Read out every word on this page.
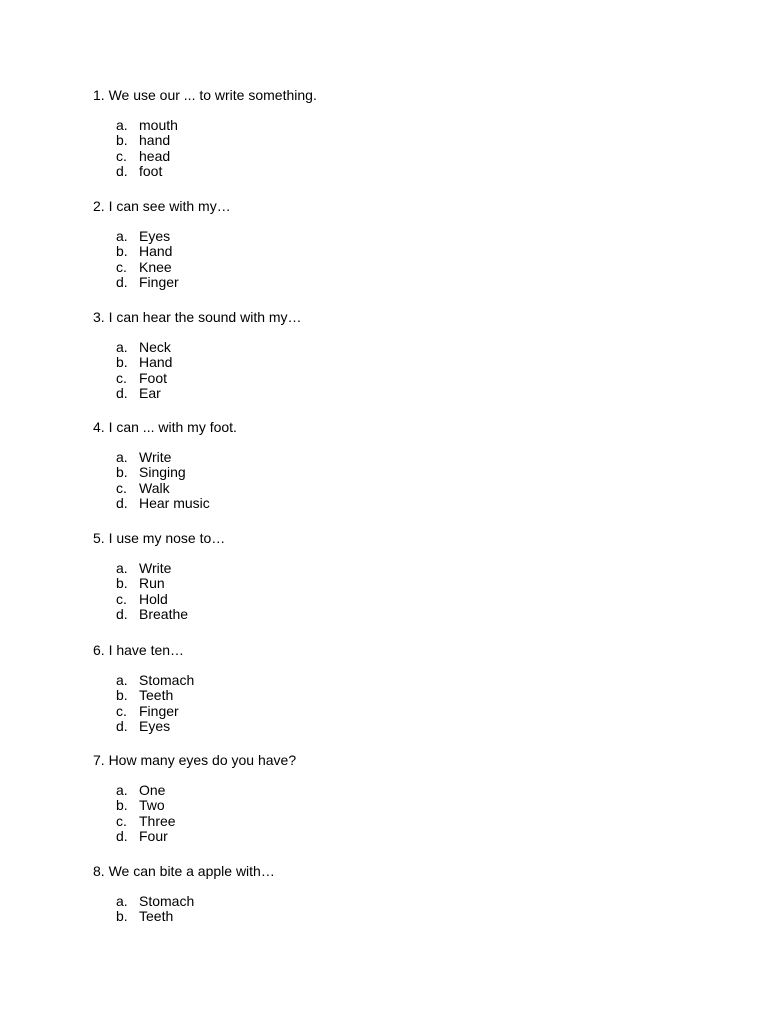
1. We use our ... to write something.
a. mouth
b. hand
c. head
d. foot
2. I can see with my…
a. Eyes
b. Hand
c. Knee
d. Finger
3. I can hear the sound with my…
a. Neck
b. Hand
c. Foot
d. Ear
4. I can ... with my foot.
a. Write
b. Singing
c. Walk
d. Hear music
5. I use my nose to…
a. Write
b. Run
c. Hold
d. Breathe
6. I have ten…
a. Stomach
b. Teeth
c. Finger
d. Eyes
7. How many eyes do you have?
a. One
b. Two
c. Three
d. Four
8. We can bite a apple with…
a. Stomach
b. Teeth
